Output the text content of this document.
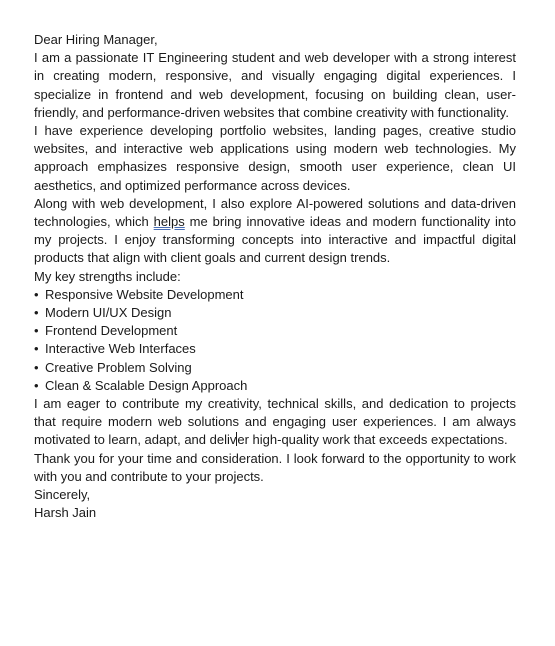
Dear Hiring Manager,
I am a passionate IT Engineering student and web developer with a strong interest in creating modern, responsive, and visually engaging digital experiences. I specialize in frontend and web development, focusing on building clean, user-friendly, and performance-driven websites that combine creativity with functionality.
I have experience developing portfolio websites, landing pages, creative studio websites, and interactive web applications using modern web technologies. My approach emphasizes responsive design, smooth user experience, clean UI aesthetics, and optimized performance across devices.
Along with web development, I also explore AI-powered solutions and data-driven technologies, which helps me bring innovative ideas and modern functionality into my projects. I enjoy transforming concepts into interactive and impactful digital products that align with client goals and current design trends.
My key strengths include:
• Responsive Website Development
• Modern UI/UX Design
• Frontend Development
• Interactive Web Interfaces
• Creative Problem Solving
• Clean & Scalable Design Approach
I am eager to contribute my creativity, technical skills, and dedication to projects that require modern web solutions and engaging user experiences. I am always motivated to learn, adapt, and deliver high-quality work that exceeds expectations.
Thank you for your time and consideration. I look forward to the opportunity to work with you and contribute to your projects.
Sincerely,
Harsh Jain
